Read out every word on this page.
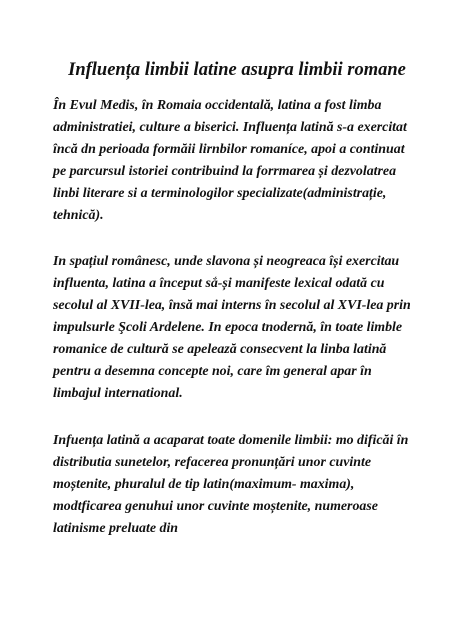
Influența limbii latine asupra limbii romane

În Evul Medis, în Romaia occidentală, latina a fost limba
administratiei, culture a biserici. Influența latină s-a exercitat
încă dn perioada formăii lirnbilor romaníce, apoi a continuat
pe parcursul istoriei contribuind la forrmarea și dezvolatrea
linbi literare si a terminologilor specializate(administrație,
tehnică).

In spațiul românesc, unde slavona și neogreaca își exercitau
influenta, latina a început sắ-și manifeste lexical odată cu
secolul al XVII-lea, însă mai interns în secolul al XVI-lea prin
impulsurle Şcoli Ardelene. In epoca tnodernă, în toate limble
romanice de cultură se apelează consecvent la linba latină
pentru a desemna concepte noi, care îm general apar în
limbajul international.

Infuența latină a acaparat toate domenile limbii: mo dificăi în
distributia sunetelor, refacerea pronunțări unor cuvinte
moștenite, phuralul de tip latin(maximum- maxima),
modtficarea genuhui unor cuvinte moștenite, numeroase
latinisme preluate din
